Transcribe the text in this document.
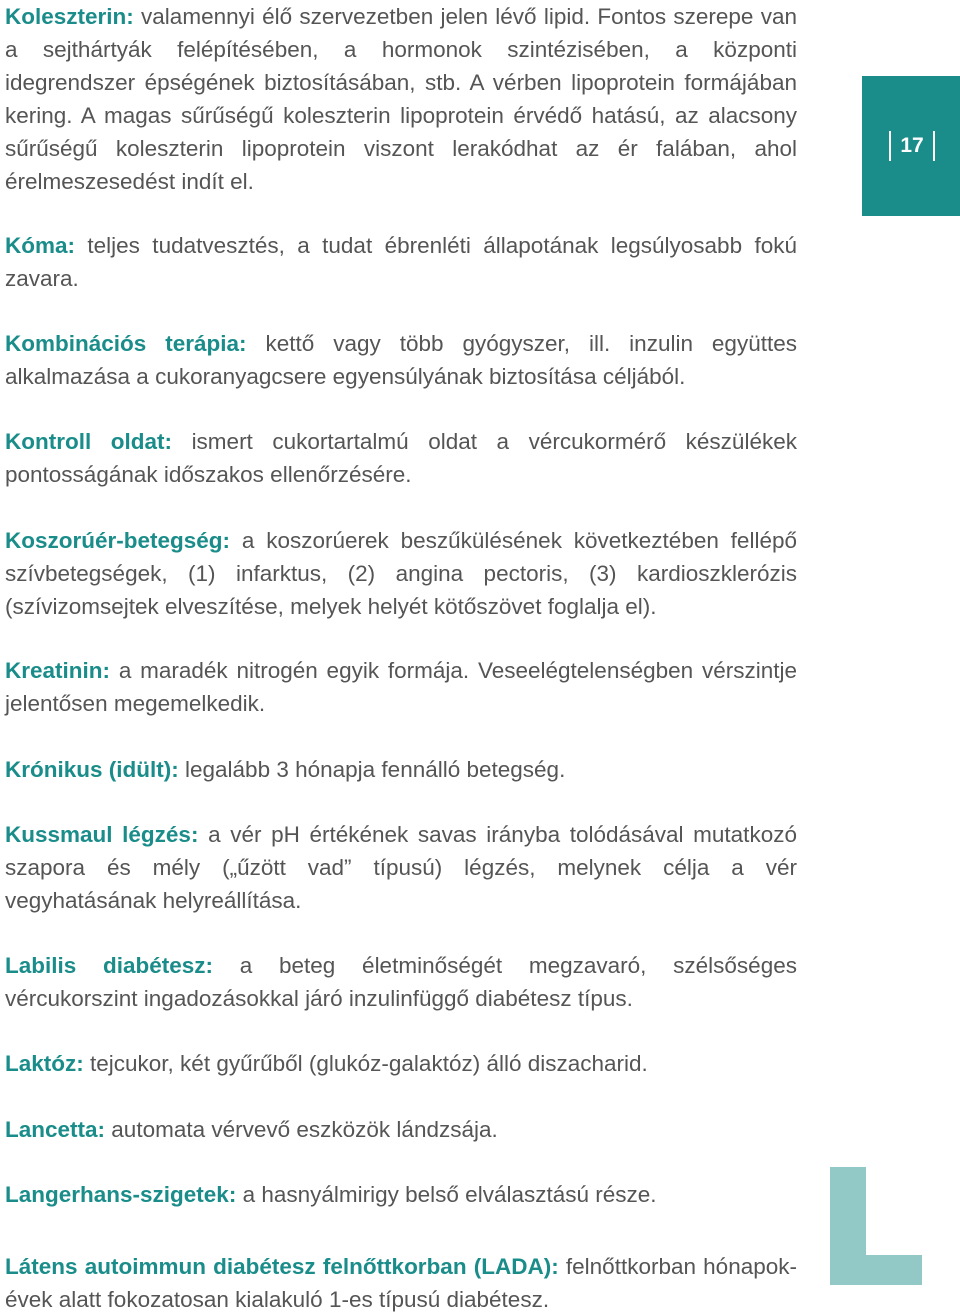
Koleszterin: valamennyi élő szervezetben jelen lévő lipid. Fontos szerepe van a sejthártyák felépítésében, a hormonok szintézisében, a központi idegrendszer épségének biztosításában, stb. A vérben lipoprotein formájában kering. A magas sűrűségű koleszterin lipoprotein érvédő hatású, az alacsony sűrűségű koleszterin lipoprotein viszont lerakódhat az ér falában, ahol érelmeszesedést indít el.

Kóma: teljes tudatvesztés, a tudat ébrenléti állapotának legsúlyosabb fokú zavara.

Kombinációs terápia: kettő vagy több gyógyszer, ill. inzulin együttes alkalmazása a cukoranyagcsere egyensúlyának biztosítása céljából.

Kontroll oldat: ismert cukortartalmú oldat a vércukormérő készülékek pontosságának időszakos ellenőrzésére.

Koszorúér-betegség: a koszorúerek beszűkülésének következtében fellépő szívbetegségek, (1) infarktus, (2) angina pectoris, (3) kardioszklerózis (szívizomsejtek elveszítése, melyek helyét kötőszövet foglalja el).

Kreatinin: a maradék nitrogén egyik formája. Veseelégtelenségben vérszintje jelentősen megemelkedik.

Krónikus (idült): legalább 3 hónapja fennálló betegség.

Kussmaul légzés: a vér pH értékének savas irányba tolódásával mutatkozó szapora és mély („űzött vad” típusú) légzés, melynek célja a vér vegyhatásának helyreállítása.

Labilis diabétesz: a beteg életminőségét megzavaró, szélsőséges vércukorszint ingadozásokkal járó inzulinfüggő diabétesz típus.

Laktóz: tejcukor, két gyűrűből (glukóz-galaktóz) álló diszacharid.

Lancetta: automata vérvevő eszközök lándzsája.

Langerhans-szigetek: a hasnyálmirigy belső elválasztású része.

Látens autoimmun diabétesz felnőttkorban (LADA): felnőttkorban hónapok-évek alatt fokozatosan kialakuló 1-es típusú diabétesz.

17
